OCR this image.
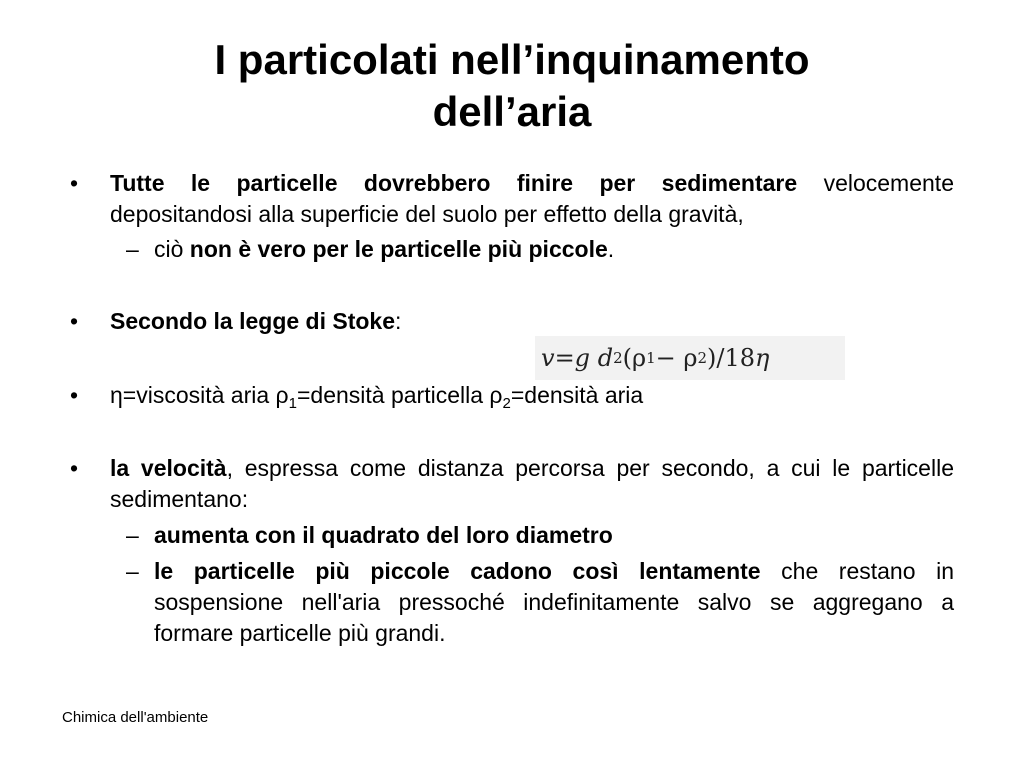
I particolati nell’inquinamento
dell’aria
•	Tutte le particelle dovrebbero finire per sedimentare velocemente depositandosi alla superficie del suolo per effetto della gravità,
– ciò non è vero per le particelle più piccole.
•	Secondo la legge di Stoke:
•	η=viscosità aria $\rho_1=densità$ particella $\rho_2=densità$ aria
•	la velocità, espressa come distanza percorsa per secondo, a cui le particelle sedimentano:
– aumenta con il quadrato del loro diametro
– le particelle più piccole cadono così lentamente che restano in sospensione nell'aria pressoché indefinitamente salvo se aggregano a formare particelle più grandi.
v = g
d 2 (ρ 1 − ρ 2 )/ 18 η
Chimica dell'ambiente
